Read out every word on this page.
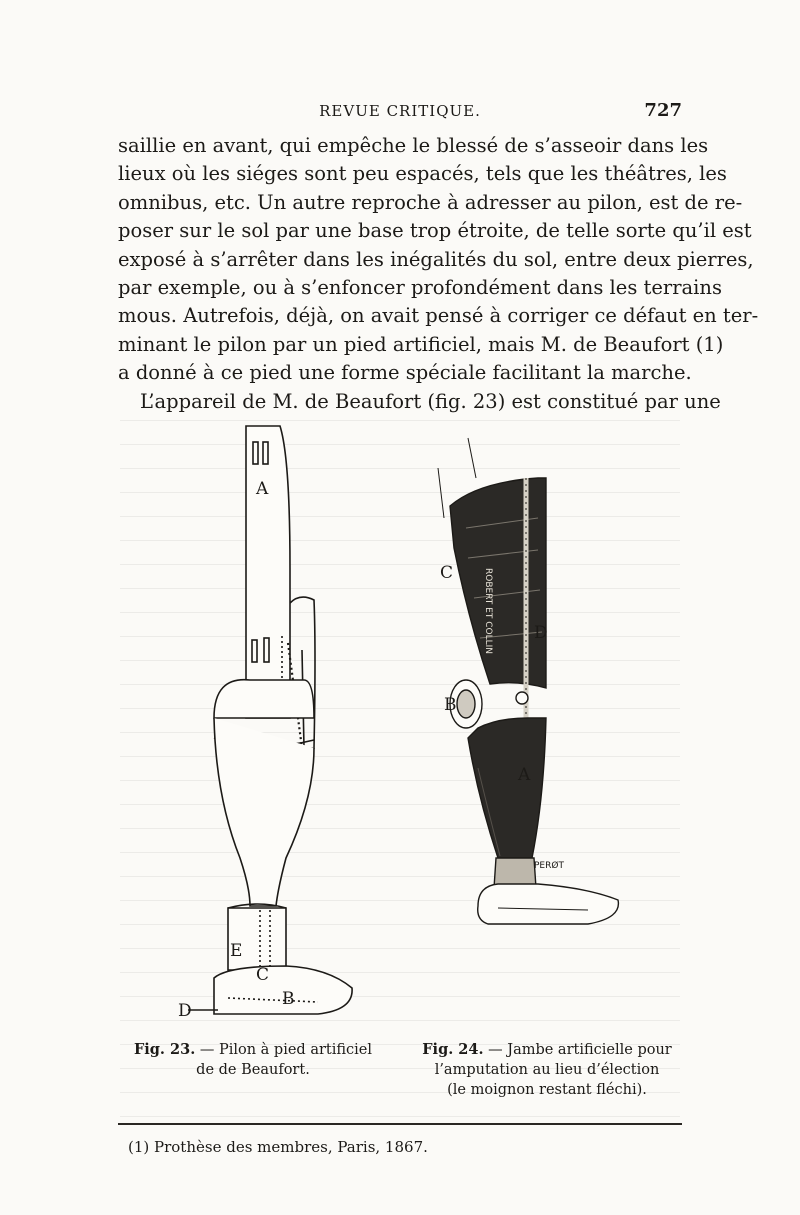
REVUE CRITIQUE.	727
saillie en avant, qui empêche le blessé de s’asseoir dans les
lieux où les siéges sont peu espacés, tels que les théâtres, les
omnibus, etc. Un autre reproche à adresser au pilon, est de re-
poser sur le sol par une base trop étroite, de telle sorte qu’il est
exposé à s’arrêter dans les inégalités du sol, entre deux pierres,
par exemple, ou à s’enfoncer profondément dans les terrains
mous. Autrefois, déjà, on avait pensé à corriger ce défaut en ter-
minant le pilon par un pied artificiel, mais M. de Beaufort (1)
a donné à ce pied une forme spéciale facilitant la marche.
L’appareil de M. de Beaufort (fig. 23) est constitué par une
A
E
C
B
D
ROBERT ET COLLIN
PERØT
C
D
B
A
Fig. 23. — Pilon à pied artificiel
de de Beaufort.
Fig. 24. — Jambe artificielle pour
l’amputation au lieu d’élection
(le moignon restant fléchi).
(1) Prothèse des membres, Paris, 1867.
